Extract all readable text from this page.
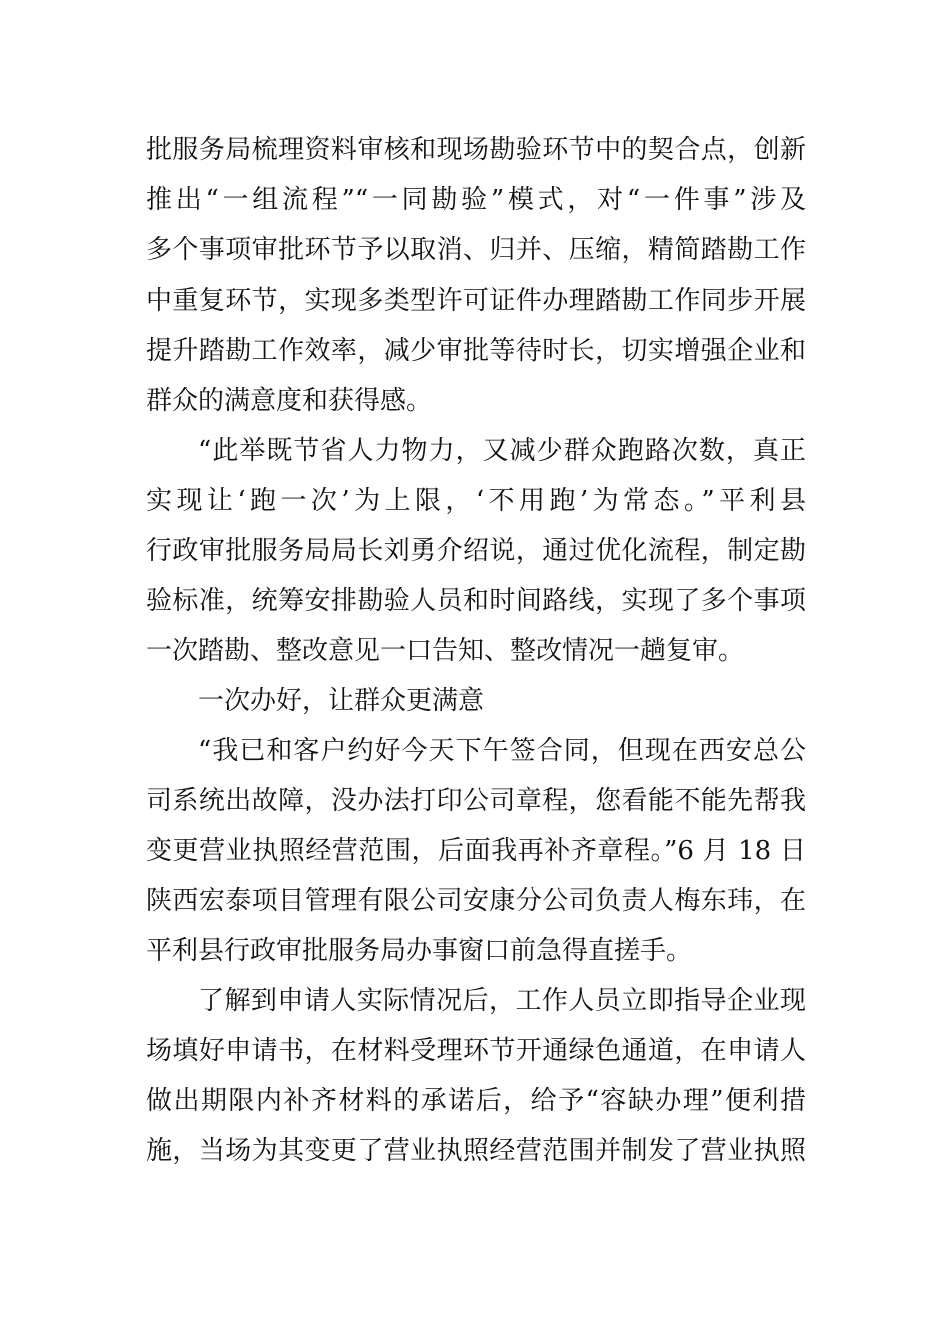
批服务局梳理资料审核和现场勘验环节中的契合点，创新
推出“一组流程”“一同勘验”模式，对“一件事”涉及
多个事项审批环节予以取消、归并、压缩，精简踏勘工作
中重复环节，实现多类型许可证件办理踏勘工作同步开展
提升踏勘工作效率，减少审批等待时长，切实增强企业和
群众的满意度和获得感。
“此举既节省人力物力，又减少群众跑路次数，真正
实现让‘跑一次’为上限，‘不用跑’为常态。”平利县
行政审批服务局局长刘勇介绍说，通过优化流程，制定勘
验标准，统筹安排勘验人员和时间路线，实现了多个事项
一次踏勘、整改意见一口告知、整改情况一趟复审。
一次办好，让群众更满意
“我已和客户约好今天下午签合同，但现在西安总公
司系统出故障，没办法打印公司章程，您看能不能先帮我
变更营业执照经营范围，后面我再补齐章程。”6 月 18 日
陕西宏泰项目管理有限公司安康分公司负责人梅东玮，在
平利县行政审批服务局办事窗口前急得直搓手。
了解到申请人实际情况后，工作人员立即指导企业现
场填好申请书，在材料受理环节开通绿色通道，在申请人
做出期限内补齐材料的承诺后，给予“容缺办理”便利措
施，当场为其变更了营业执照经营范围并制发了营业执照
